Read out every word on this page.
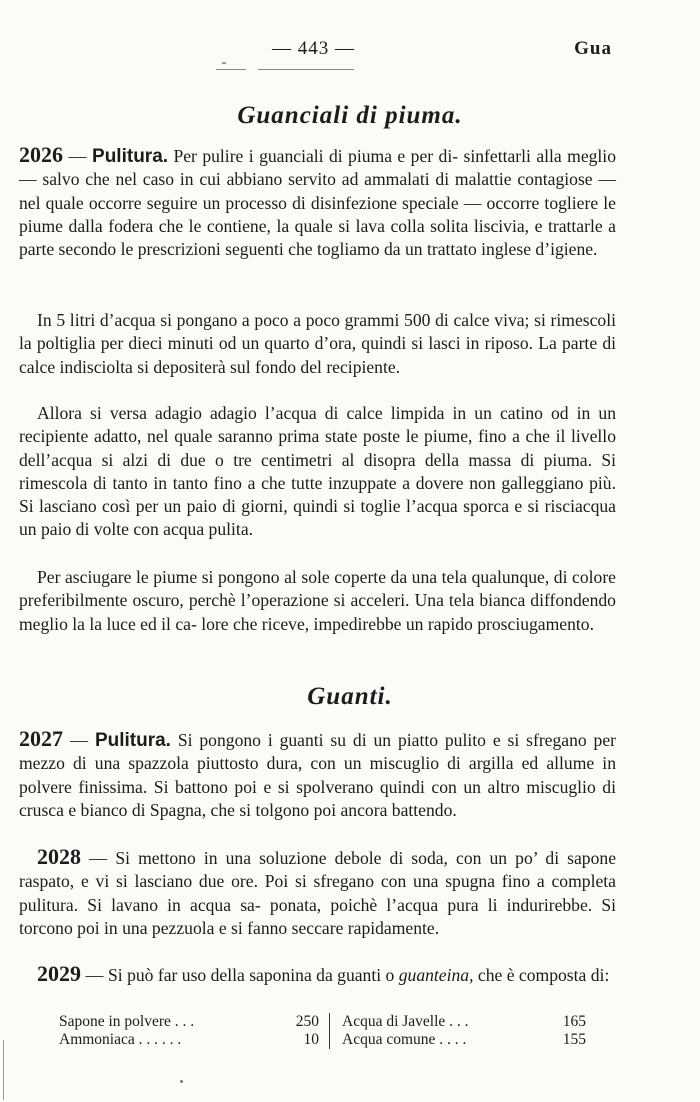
— 443 —	Gua
Guanciali di piuma.

2026 — Pulitura. Per pulire i guanciali di piuma e per di- sinfettarli alla meglio — salvo che nel caso in cui abbiano servito ad ammalati di malattie contagiose — nel quale occorre seguire un processo di disinfezione speciale — occorre togliere le piume dalla fodera che le contiene, la quale si lava colla solita liscivia, e trattarle a parte secondo le prescrizioni seguenti che togliamo da un trattato inglese d’igiene.

In 5 litri d’acqua si pongano a poco a poco grammi 500 di calce viva; si rimescoli la poltiglia per dieci minuti od un quarto d’ora, quindi si lasci in riposo. La parte di calce indisciolta si depositerà sul fondo del recipiente.

Allora si versa adagio adagio l’acqua di calce limpida in un catino od in un recipiente adatto, nel quale saranno prima state poste le piume, fino a che il livello dell’acqua si alzi di due o tre centimetri al disopra della massa di piuma. Si rimescola di tanto in tanto fino a che tutte inzuppate a dovere non galleggiano più. Si lasciano così per un paio di giorni, quindi si toglie l’acqua sporca e si risciacqua un paio di volte con acqua pulita.

Per asciugare le piume si pongono al sole coperte da una tela qualunque, di colore preferibilmente oscuro, perchè l’operazione si acceleri. Una tela bianca diffondendo meglio la la luce ed il ca- lore che riceve, impedirebbe un rapido prosciugamento.

Guanti.

2027 — Pulitura. Si pongono i guanti su di un piatto pulito e si sfregano per mezzo di una spazzola piuttosto dura, con un miscuglio di argilla ed allume in polvere finissima. Si battono poi e si spolverano quindi con un altro miscuglio di crusca e bianco di Spagna, che si tolgono poi ancora battendo.

2028 — Si mettono in una soluzione debole di soda, con un po’ di sapone raspato, e vi si lasciano due ore. Poi si sfregano con una spugna fino a completa pulitura. Si lavano in acqua sa- ponata, poichè l’acqua pura li indurirebbe. Si torcono poi in una pezzuola e si fanno seccare rapidamente.

2029 — Si può far uso della saponina da guanti o guanteina, che è composta di:

Sapone in polvere . . .	250		Acqua di Javelle . . .	165
Ammoniaca . . . . . .	10		Acqua comune . . . .	155
